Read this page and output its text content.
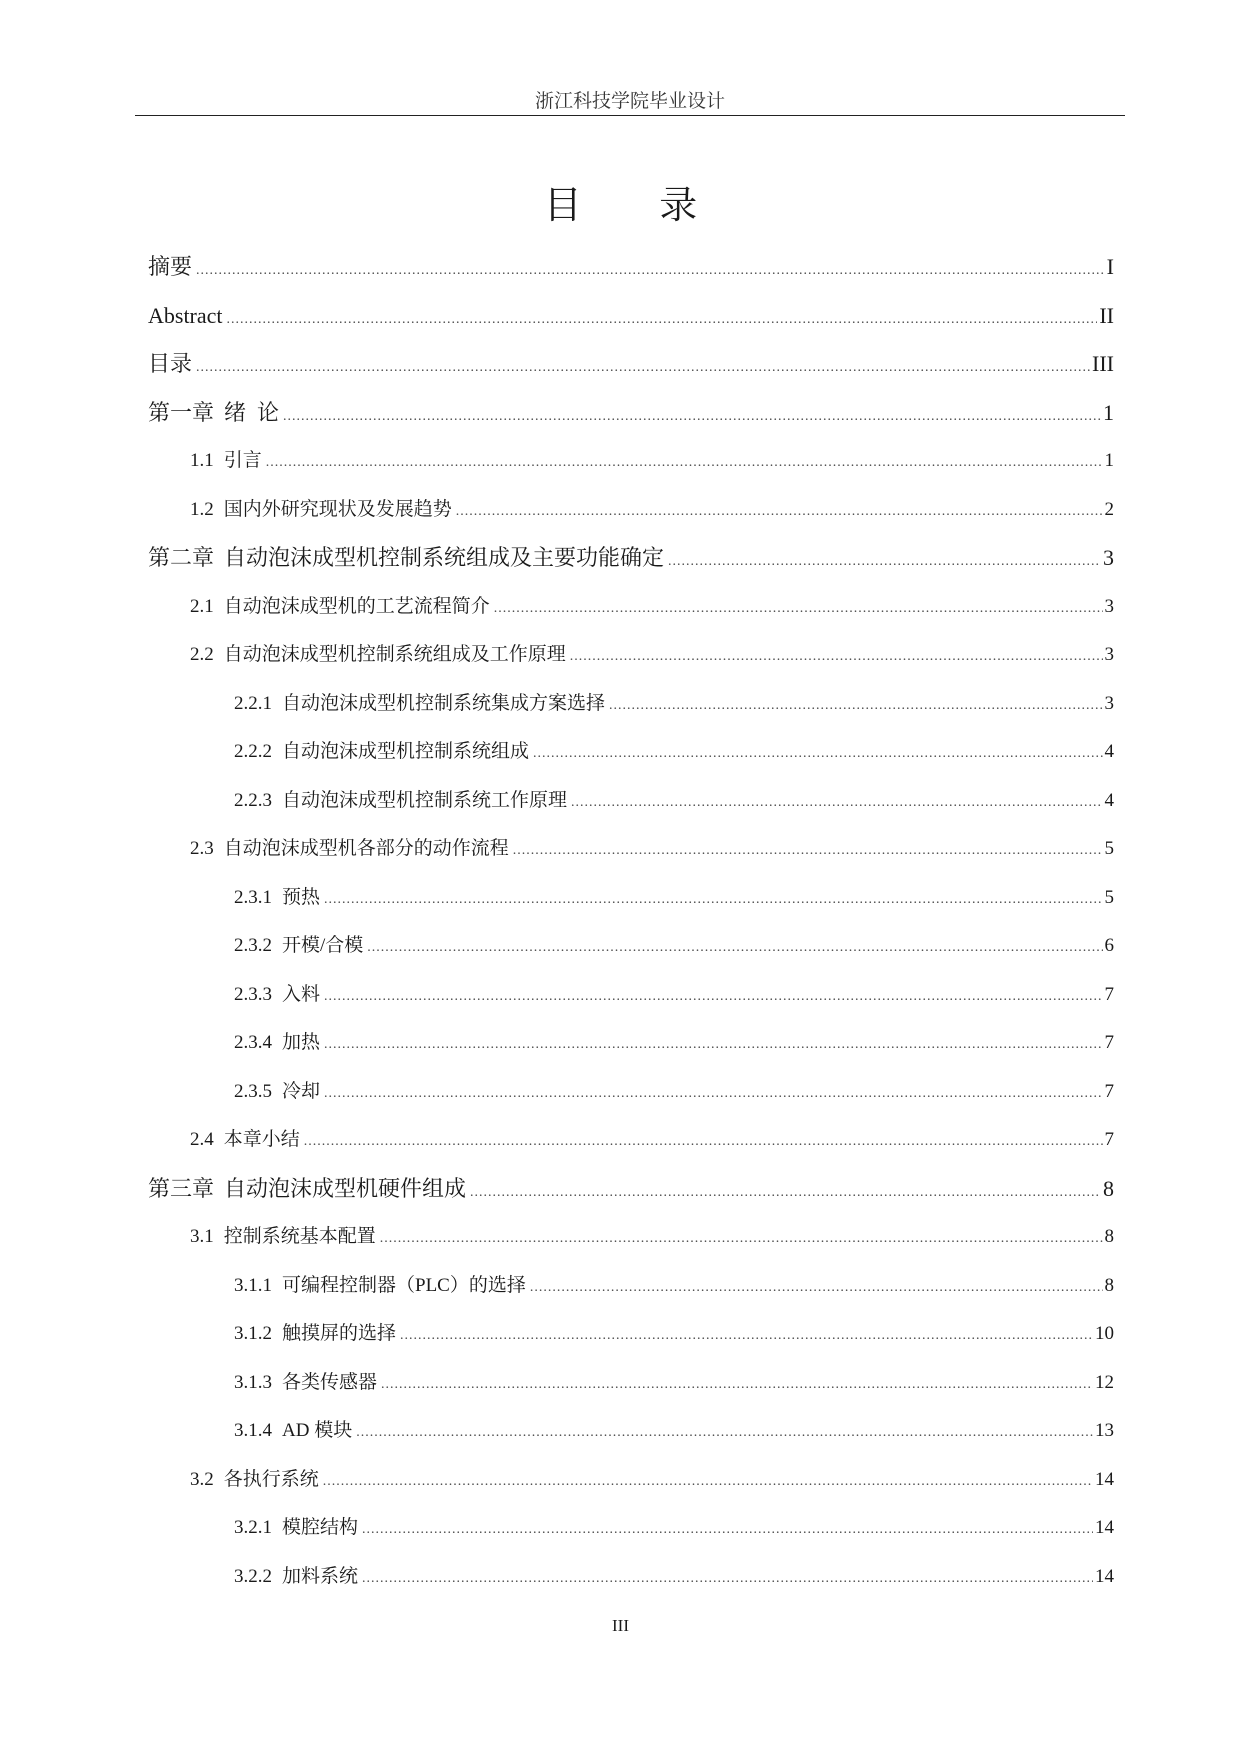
浙江科技学院毕业设计
目 录
摘要 .....	I
Abstract .....	II
目录 .....	III
第一章 绪  论 .....	1
1.1 引言 .....	1
1.2 国内外研究现状及发展趋势 .....	2
第二章 自动泡沫成型机控制系统组成及主要功能确定 .....	3
2.1 自动泡沫成型机的工艺流程简介 .....	3
2.2 自动泡沫成型机控制系统组成及工作原理 .....	3
2.2.1 自动泡沫成型机控制系统集成方案选择 .....	3
2.2.2 自动泡沫成型机控制系统组成 .....	4
2.2.3 自动泡沫成型机控制系统工作原理 .....	4
2.3 自动泡沫成型机各部分的动作流程 .....	5
2.3.1 预热 .....	5
2.3.2 开模/合模 .....	6
2.3.3 入料 .....	7
2.3.4 加热 .....	7
2.3.5 冷却 .....	7
2.4 本章小结 .....	7
第三章 自动泡沫成型机硬件组成 .....	8
3.1 控制系统基本配置 .....	8
3.1.1 可编程控制器（PLC）的选择 .....	8
3.1.2 触摸屏的选择 .....	10
3.1.3 各类传感器 .....	12
3.1.4 AD 模块 .....	13
3.2 各执行系统 .....	14
3.2.1 模腔结构 .....	14
3.2.2 加料系统 .....	14
III
